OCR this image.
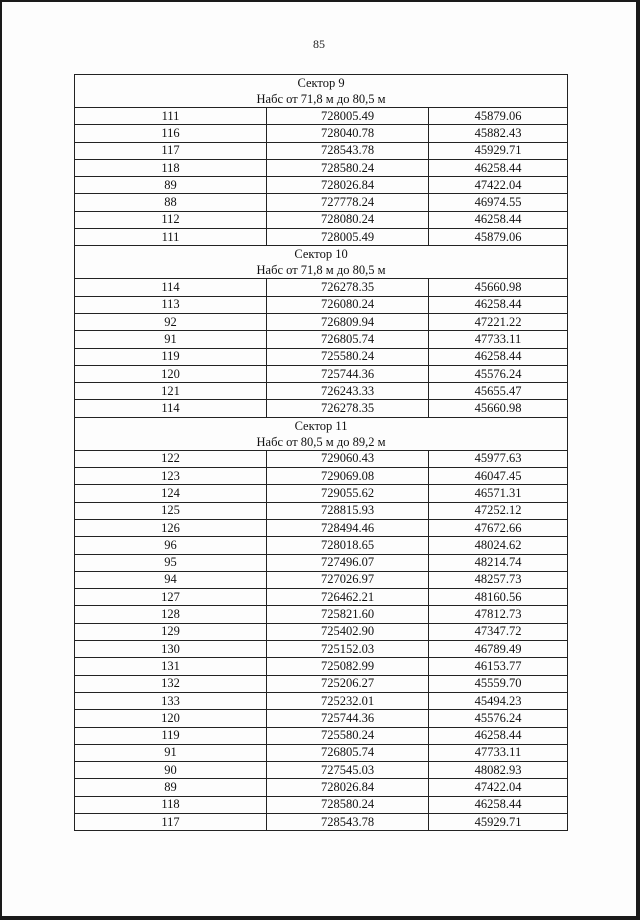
85
Сектор 9
Набс от 71,8 м до 80,5 м		

111	728005.49	45879.06
116	728040.78	45882.43
117	728543.78	45929.71
118	728580.24	46258.44
89	728026.84	47422.04
88	727778.24	46974.55
112	728080.24	46258.44
111	728005.49	45879.06

Сектор 10
Набс от 71,8 м до 80,5 м		

114	726278.35	45660.98
113	726080.24	46258.44
92	726809.94	47221.22
91	726805.74	47733.11
119	725580.24	46258.44
120	725744.36	45576.24
121	726243.33	45655.47
114	726278.35	45660.98

Сектор 11
Набс от 80,5 м до 89,2 м		

122	729060.43	45977.63
123	729069.08	46047.45
124	729055.62	46571.31
125	728815.93	47252.12
126	728494.46	47672.66
96	728018.65	48024.62
95	727496.07	48214.74
94	727026.97	48257.73
127	726462.21	48160.56
128	725821.60	47812.73
129	725402.90	47347.72
130	725152.03	46789.49
131	725082.99	46153.77
132	725206.27	45559.70
133	725232.01	45494.23
120	725744.36	45576.24
119	725580.24	46258.44
91	726805.74	47733.11
90	727545.03	48082.93
89	728026.84	47422.04
118	728580.24	46258.44
117	728543.78	45929.71
